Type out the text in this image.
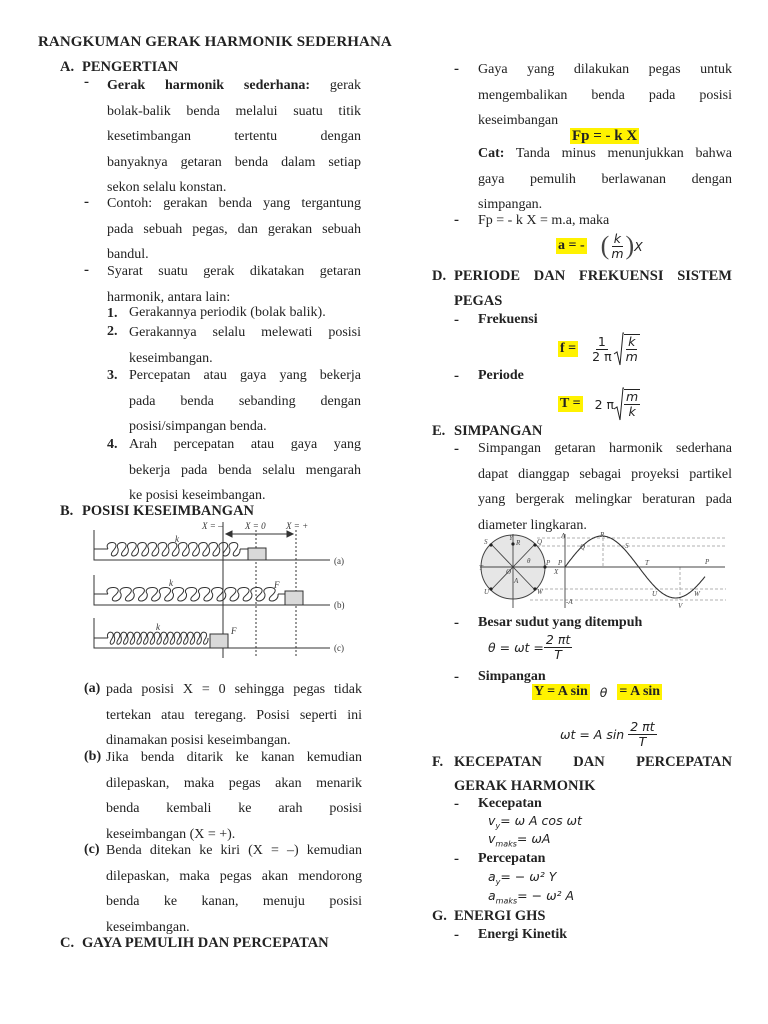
RANGKUMAN GERAK HARMONIK SEDERHANA
A. PENGERTIAN
- Gerak harmonik sederhana: gerak
bolak-balik benda melalui suatu titik
kesetimbangan tertentu dengan
banyaknya getaran benda dalam setiap
sekon selalu konstan.
- Contoh: gerakan benda yang tergantung
pada sebuah pegas, dan gerakan sebuah
bandul.
- Syarat suatu gerak dikatakan getaran
harmonik, antara lain:
1. Gerakannya periodik (bolak balik).
2. Gerakannya selalu melewati posisi
keseimbangan.
3. Percepatan atau gaya yang bekerja
pada benda sebanding dengan
posisi/simpangan benda.
4. Arah percepatan atau gaya yang
bekerja pada benda selalu mengarah
ke posisi keseimbangan.
B. POSISI KESEIMBANGAN
X = – X = 0 X = +
k
k
k
F
F
(a)
(b)
(c)
(a) pada posisi X = 0 sehingga pegas tidak
tertekan atau teregang. Posisi seperti ini
dinamakan posisi keseimbangan.
(b) Jika benda ditarik ke kanan kemudian
dilepaskan, maka pegas akan menarik
benda kembali ke arah posisi
keseimbangan (X = +).
(c) Benda ditekan ke kiri (X = –) kemudian
dilepaskan, maka pegas akan mendorong
benda ke kanan, menuju posisi
keseimbangan.
C. GAYA PEMULIH DAN PERCEPATAN
- Gaya yang dilakukan pegas untuk
mengembalikan benda pada posisi
keseimbangan
Fp = - k X
Cat: Tanda minus menunjukkan bahwa
gaya pemulih berlawanan dengan
simpangan.
- Fp = - k X = m.a, maka
a = - ( $\frac{k}{m}$ ) X
D. PERIODE DAN FREKUENSI SISTEM
PEGAS
- Frekuensi
$f = \frac{1}{2 \pi} \frac{k}{m}$
- Periode
T = 2 π $\frac{m}{k}$
E. SIMPANGAN
- Simpangan getaran harmonik sederhana
dapat dianggap sebagai proyeksi partikel
yang bergerak melingkar beraturan pada
diameter lingkaran.
Y
R Q
S
T
P
X
O
A
U	W
θ
A
-A
P
Q
R
S
T
U
V
W
P
- Besar sudut yang ditempuh
$\theta = \omega t = \frac{2 \pi t}{T}$
- Simpangan
Y = A sin θ = A sin
ωt = A $\sin \frac{2 \pi t}{T}$
F. KECEPATAN DAN PERCEPATAN
GERAK HARMONIK
- Kecepatan
$v_y= \omega$ A cos ωt
$v_{maks}= \omega A$
- Percepatan
$a_y= - \omega^2$ Y
$a_{maks}= - \omega^2$ A
G. ENERGI GHS
- Energi Kinetik
